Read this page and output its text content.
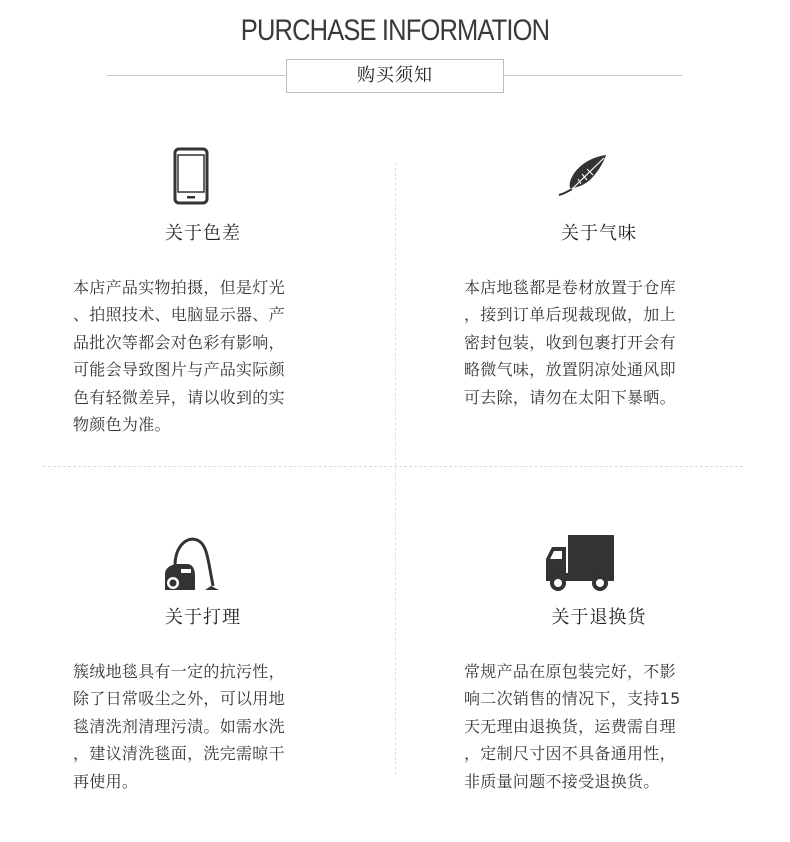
PURCHASE INFORMATION
购买须知
关于色差
本店产品实物拍摄，但是灯光
、拍照技术、电脑显示器、产
品批次等都会对色彩有影响，
可能会导致图片与产品实际颜
色有轻微差异，请以收到的实
物颜色为准。
关于气味
本店地毯都是卷材放置于仓库
，接到订单后现裁现做，加上
密封包装，收到包裹打开会有
略微气味，放置阴凉处通风即
可去除，请勿在太阳下暴晒。
关于打理
簇绒地毯具有一定的抗污性，
除了日常吸尘之外，可以用地
毯清洗剂清理污渍。如需水洗
，建议清洗毯面，洗完需晾干
再使用。
关于退换货
常规产品在原包装完好，不影
响二次销售的情况下，支持15
天无理由退换货，运费需自理
，定制尺寸因不具备通用性，
非质量问题不接受退换货。
